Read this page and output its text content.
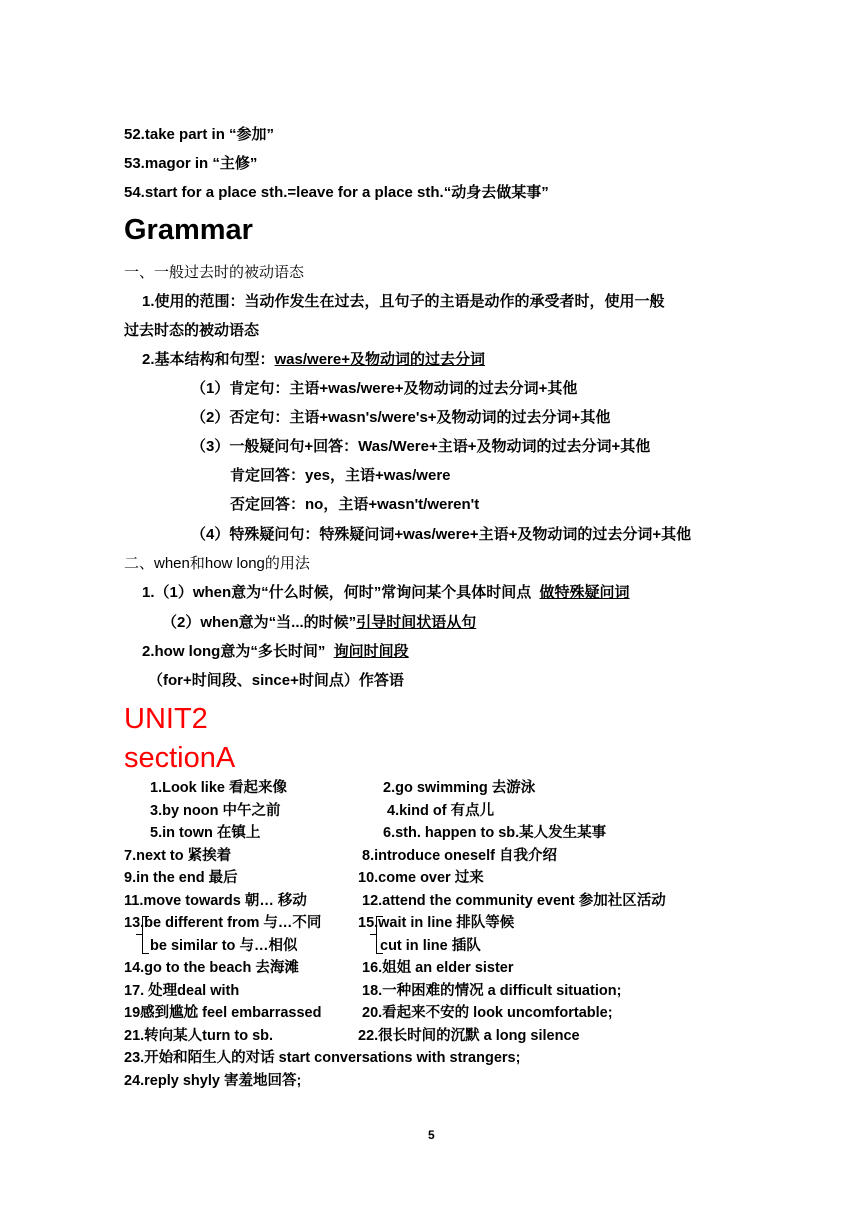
52.take part in “参加”
53.magor in “主修”
54.start for a place sth.=leave for a place sth.“动身去做某事”
Grammar
一、一般过去时的被动语态
1.使用的范围：当动作发生在过去，且句子的主语是动作的承受者时，使用一般
过去时态的被动语态
2.基本结构和句型：was/were+及物动词的过去分词
（1）肯定句：主语+was/were+及物动词的过去分词+其他
（2）否定句：主语+wasn's/were's+及物动词的过去分词+其他
（3）一般疑问句+回答：Was/Were+主语+及物动词的过去分词+其他
肯定回答：yes，主语+was/were
否定回答：no，主语+wasn't/weren't
（4）特殊疑问句：特殊疑问词+was/were+主语+及物动词的过去分词+其他
二、when和how long的用法
1.（1）when意为“什么时候，何时”常询问某个具体时间点 做特殊疑问词
（2）when意为“当...的时候”引导时间状语从句
2.how long意为“多长时间” 询问时间段
（for+时间段、since+时间点）作答语
UNIT2
sectionA
1.Look like 看起来像	2.go swimming 去游泳
3.by noon 中午之前	4.kind of 有点儿
5.in town 在镇上	6.sth. happen to sb.某人发生某事
7.next to 紧挨着	8.introduce oneself 自我介绍
9.in the end 最后	10.come over 过来
11.move towards 朝… 移动	12.attend the community event 参加社区活动
13.be different from 与…不同	15.wait in line 排队等候
be similar to 与…相似	cut in line 插队
14.go to the beach 去海滩	16.姐姐 an elder sister
17. 处理deal with	18.一种困难的情况 a difficult situation;
19感到尴尬 feel embarrassed	20.看起来不安的 look uncomfortable;
21.转向某人turn to sb.	22.很长时间的沉默 a long silence
23.开始和陌生人的对话 start conversations with strangers;
24.reply shyly 害羞地回答;
5
